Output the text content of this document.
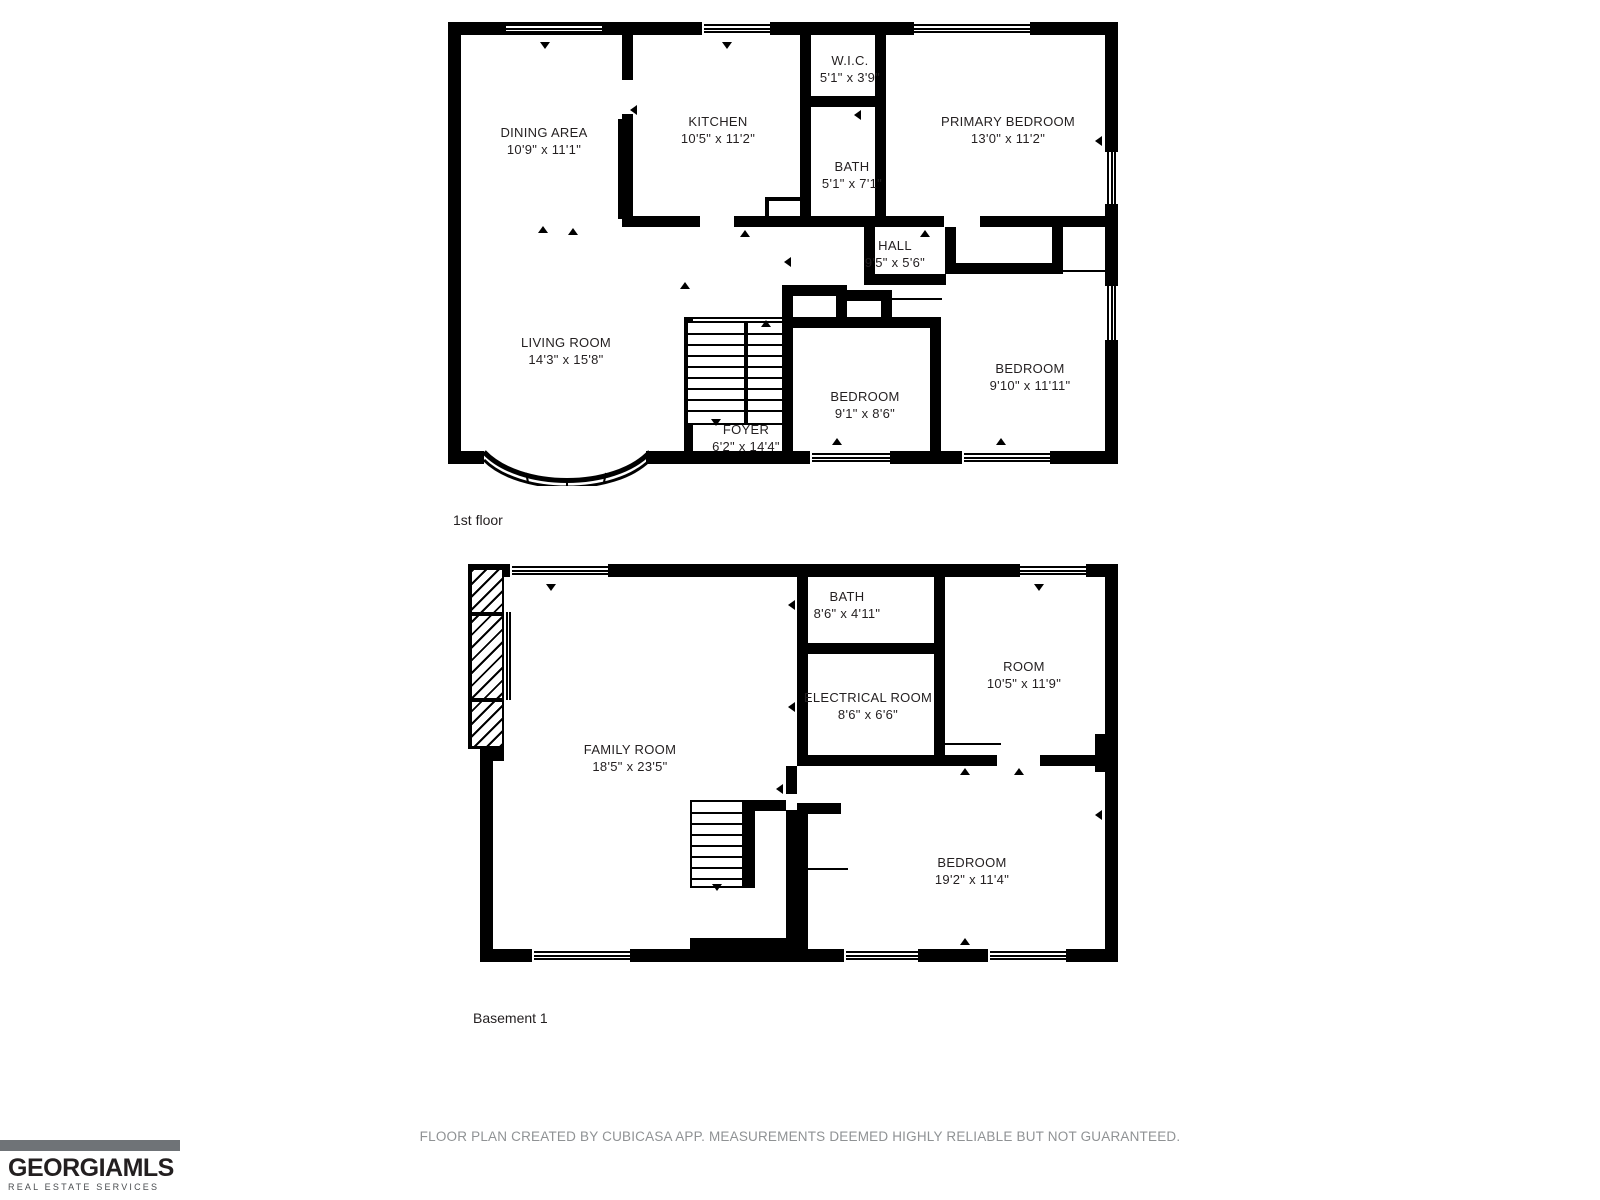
DINING AREA
10'9" x 11'1"
KITCHEN
10'5" x 11'2"
W.I.C.
5'1" x 3'9"
PRIMARY BEDROOM
13'0" x 11'2"
BATH
5'1" x 7'1"
HALL
9'5" x 5'6"
LIVING ROOM
14'3" x 15'8"
BEDROOM
9'10" x 11'11"
BEDROOM
9'1" x 8'6"
FOYER
6'2" x 14'4"
1st floor
BATH
8'6" x 4'11"
ROOM
10'5" x 11'9"
ELECTRICAL ROOM
8'6" x 6'6"
FAMILY ROOM
18'5" x 23'5"
BEDROOM
19'2" x 11'4"
Basement 1
FLOOR PLAN CREATED BY CUBICASA APP. MEASUREMENTS DEEMED HIGHLY RELIABLE BUT NOT GUARANTEED.
GEORGIAMLS
REAL ESTATE SERVICES
